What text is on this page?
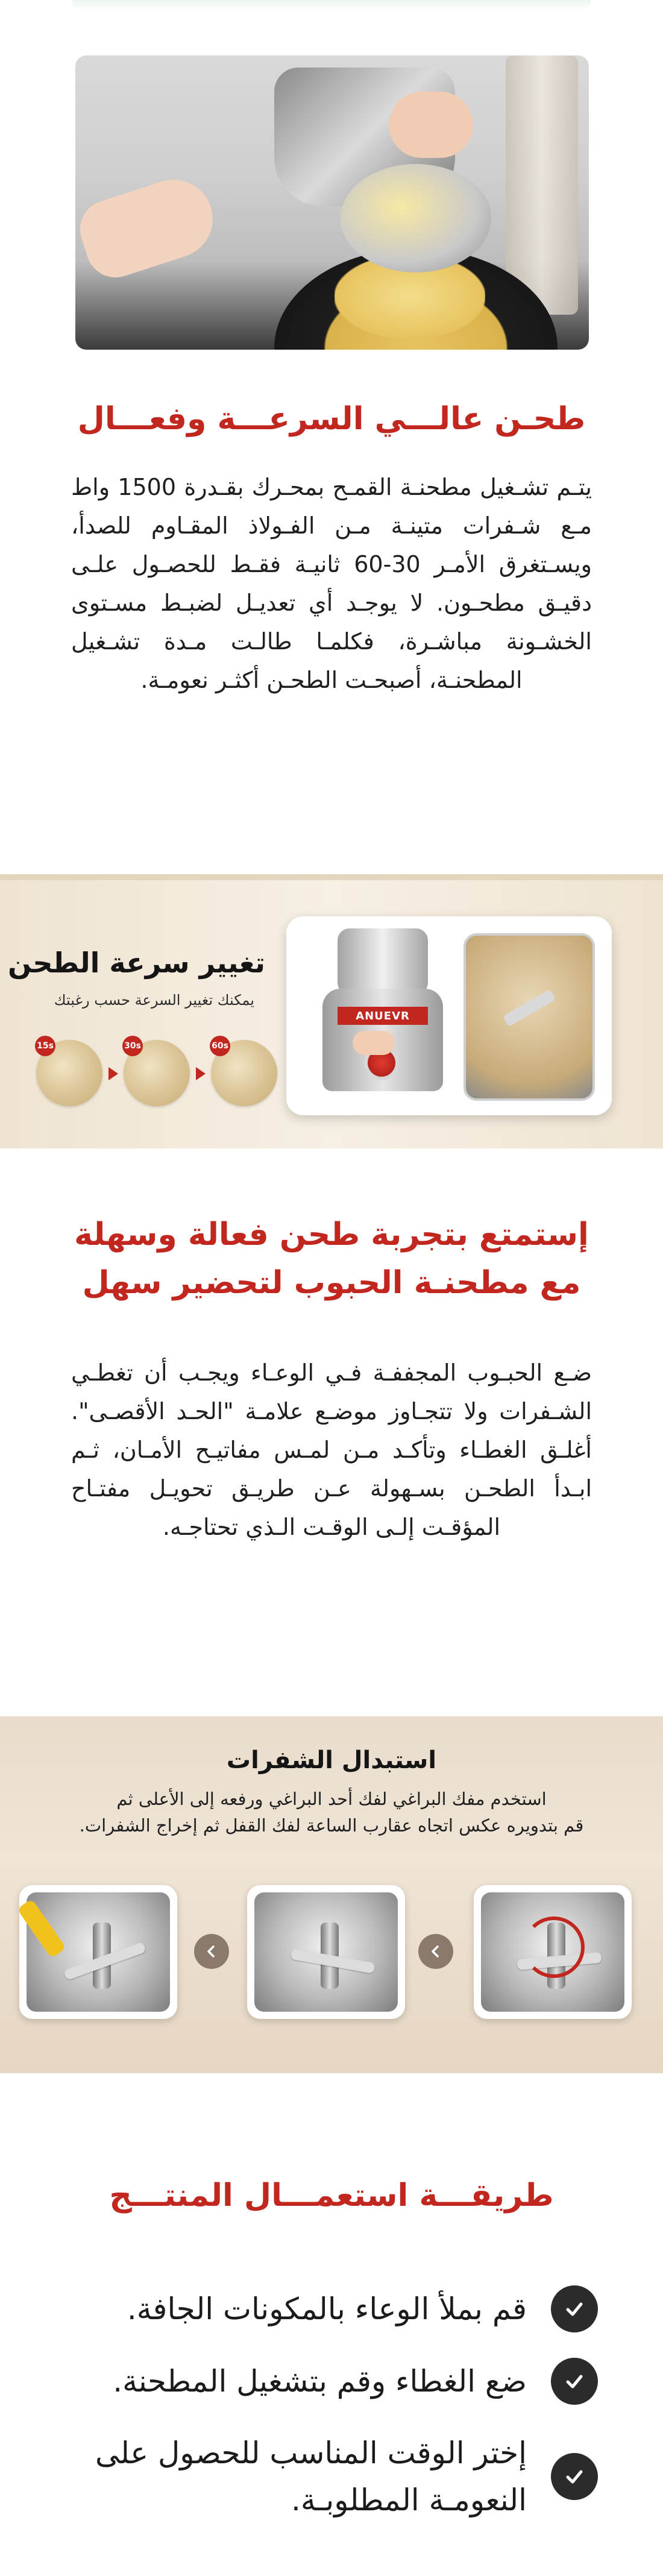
طحـن عالـــي السرعـــة وفعـــال
يتـم تشـغيل مطحنـة القمـح بمحـرك بقـدرة 1500 واط مـع شـفرات متينـة مـن الفـولاذ المقـاوم للصدأ، ويسـتغرق الأمـر 30-60 ثانيـة فقـط للحصـول علـى دقيـق مطحـون. لا يوجـد أي تعديـل لضبـط مسـتوى الخشـونة مباشـرة، فكلمـا طالـت مـدة تشـغيل المطحنـة، أصبحـت الطحـن أكثـر نعومـة.
تغيير سرعة الطحن
يمكنك تغيير السرعة حسب رغبتك
15s	30s	60s
ANUEVR
إستمتع بتجربة طحن فعالة وسهلة
مع مطحنـة الحبوب لتحضير سهل
ضـع الحبـوب المجففـة فـي الوعـاء ويجـب أن تغطـي الشـفرات ولا تتجـاوز موضـع علامـة "الحـد الأقصـى". أغلـق الغطـاء وتأكـد مـن لمـس مفاتيـح الأمـان، ثـم ابـدأ الطحـن بسـهولة عـن طريـق تحويـل مفتـاح المؤقـت إلـى الوقـت الـذي تحتاجـه.
استبدال الشفرات
استخدم مفك البراغي لفك أحد البراغي ورفعه إلى الأعلى ثم
قم بتدويره عكس اتجاه عقارب الساعة لفك القفل ثم إخراج الشفرات.
طريقـــة استعمـــال المنتـــج
قم بملأ الوعاء بالمكونات الجافة.
ضع الغطاء وقم بتشغيل المطحنة.
إختر الوقت المناسب للحصول على النعومـة المطلوبـة.
